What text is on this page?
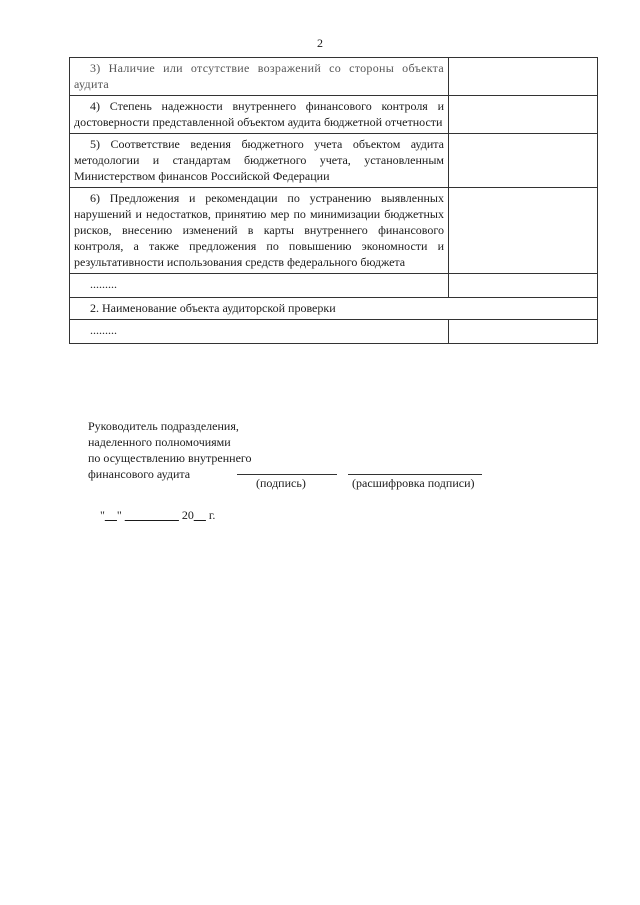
2

3) Наличие или отсутствие возражений со стороны объекта аудита	

4) Степень надежности внутреннего финансового контроля и достоверности представленной объектом аудита бюджетной отчетности	

5) Соответствие ведения бюджетного учета объектом аудита методологии и стандартам бюджетного учета, установленным Министерством финансов Российской Федерации	

6) Предложения и рекомендации по устранению выявленных нарушений и недостатков, принятию мер по минимизации бюджетных рисков, внесению изменений в карты внутреннего финансового контроля, а также предложения по повышению экономности и результативности использования средств федерального бюджета	

.........	

2. Наименование объекта аудиторской проверки	

.........	

Руководитель подразделения,
наделенного полномочиями
по осуществлению внутреннего
финансового аудита
(подпись)	(расшифровка подписи)
"__" _________ 20__ г.
